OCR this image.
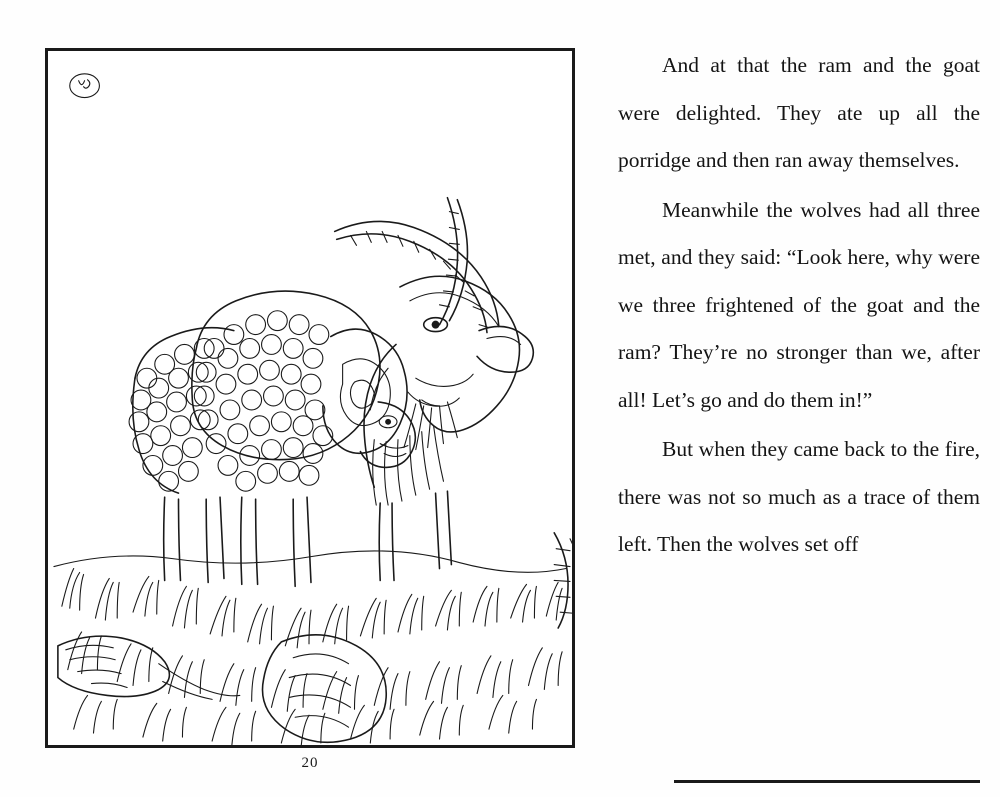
20

And at that the ram and the goat were delighted. They ate up all the porridge and then ran away themselves.

Meanwhile the wolves had all three met, and they said: “Look here, why were we three frightened of the goat and the ram? They’re no stronger than we, after all! Let’s go and do them in!”

But when they came back to the fire, there was not so much as a trace of them left. Then the wolves set off
